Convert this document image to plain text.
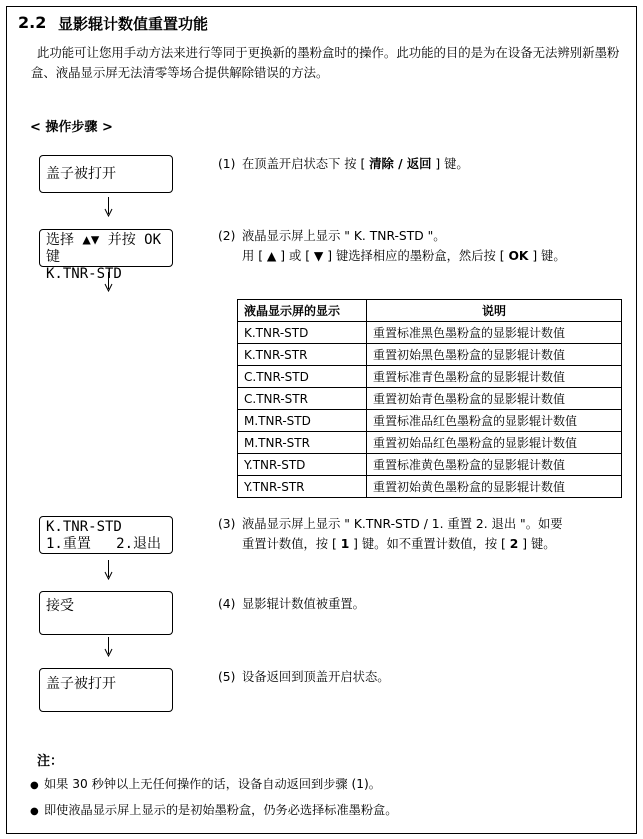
2.2 显影辊计数值重置功能
此功能可让您用手动方法来进行等同于更换新的墨粉盒时的操作。此功能的目的是为在设备无法辨别新墨粉盒、液晶显示屏无法清零等场合提供解除错误的方法。
< 操作步骤 >
盖子被打开
选择 ▲▼ 并按 OK 键
K.TNR-STD
K.TNR-STD
1.重置   2.退出
接受
盖子被打开
(1) 在顶盖开启状态下 按 [ 清除 / 返回 ] 键。
(2) 液晶显示屏上显示 " K. TNR-STD "。
用 [ ▲ ] 或 [ ▼ ] 键选择相应的墨粉盒，然后按 [ OK ] 键。
液晶显示屏的显示	说明
K.TNR-STD	重置标准黑色墨粉盒的显影辊计数值
K.TNR-STR	重置初始黑色墨粉盒的显影辊计数值
C.TNR-STD	重置标准青色墨粉盒的显影辊计数值
C.TNR-STR	重置初始青色墨粉盒的显影辊计数值
M.TNR-STD	重置标准品红色墨粉盒的显影辊计数值
M.TNR-STR	重置初始品红色墨粉盒的显影辊计数值
Y.TNR-STD	重置标准黄色墨粉盒的显影辊计数值
Y.TNR-STR	重置初始黄色墨粉盒的显影辊计数值
(3) 液晶显示屏上显示 " K.TNR-STD / 1. 重置 2. 退出 "。如要
重置计数值，按 [ 1 ] 键。如不重置计数值，按 [ 2 ] 键。
(4) 显影辊计数值被重置。
(5) 设备返回到顶盖开启状态。
注：
● 如果 30 秒钟以上无任何操作的话，设备自动返回到步骤 (1)。
● 即使液晶显示屏上显示的是初始墨粉盒，仍务必选择标准墨粉盒。
